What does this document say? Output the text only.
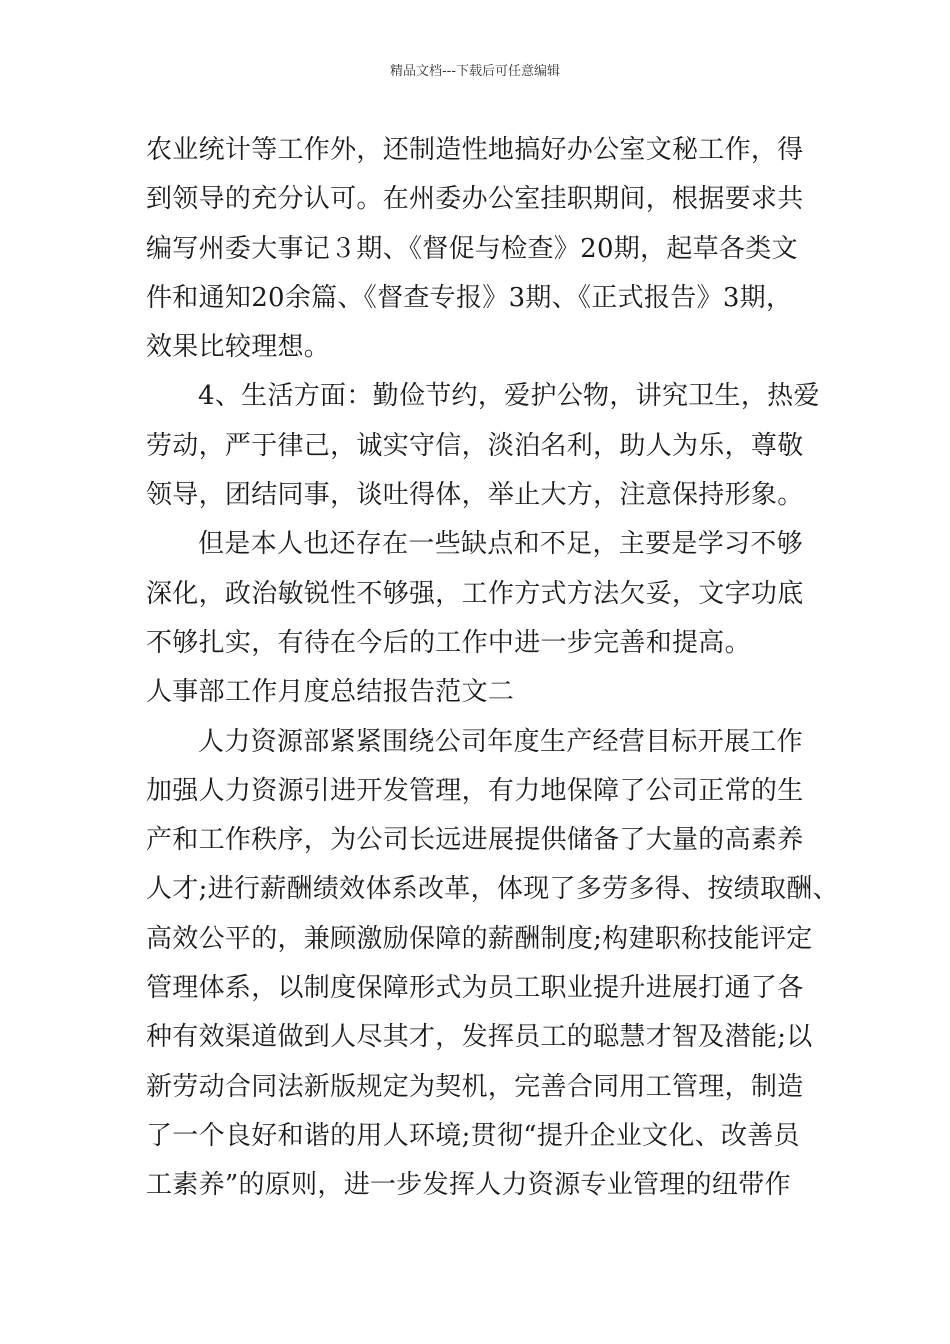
精品文档---下载后可任意编辑
农业统计等工作外，还制造性地搞好办公室文秘工作，得
到领导的充分认可。在州委办公室挂职期间，根据要求共
编写州委大事记３期、《督促与检查》20期，起草各类文
件和通知20余篇、《督查专报》3期、《正式报告》3期，
效果比较理想。
4、生活方面：勤俭节约，爱护公物，讲究卫生，热爱
劳动，严于律己，诚实守信，淡泊名利，助人为乐，尊敬
领导，团结同事，谈吐得体，举止大方，注意保持形象。
但是本人也还存在一些缺点和不足，主要是学习不够
深化，政治敏锐性不够强，工作方式方法欠妥，文字功底
不够扎实，有待在今后的工作中进一步完善和提高。
人事部工作月度总结报告范文二
人力资源部紧紧围绕公司年度生产经营目标开展工作
加强人力资源引进开发管理，有力地保障了公司正常的生
产和工作秩序，为公司长远进展提供储备了大量的高素养
人才;进行薪酬绩效体系改革，体现了多劳多得、按绩取酬、
高效公平的，兼顾激励保障的薪酬制度;构建职称技能评定
管理体系，以制度保障形式为员工职业提升进展打通了各
种有效渠道做到人尽其才，发挥员工的聪慧才智及潜能;以
新劳动合同法新版规定为契机，完善合同用工管理，制造
了一个良好和谐的用人环境;贯彻“提升企业文化、改善员
工素养”的原则，进一步发挥人力资源专业管理的纽带作
